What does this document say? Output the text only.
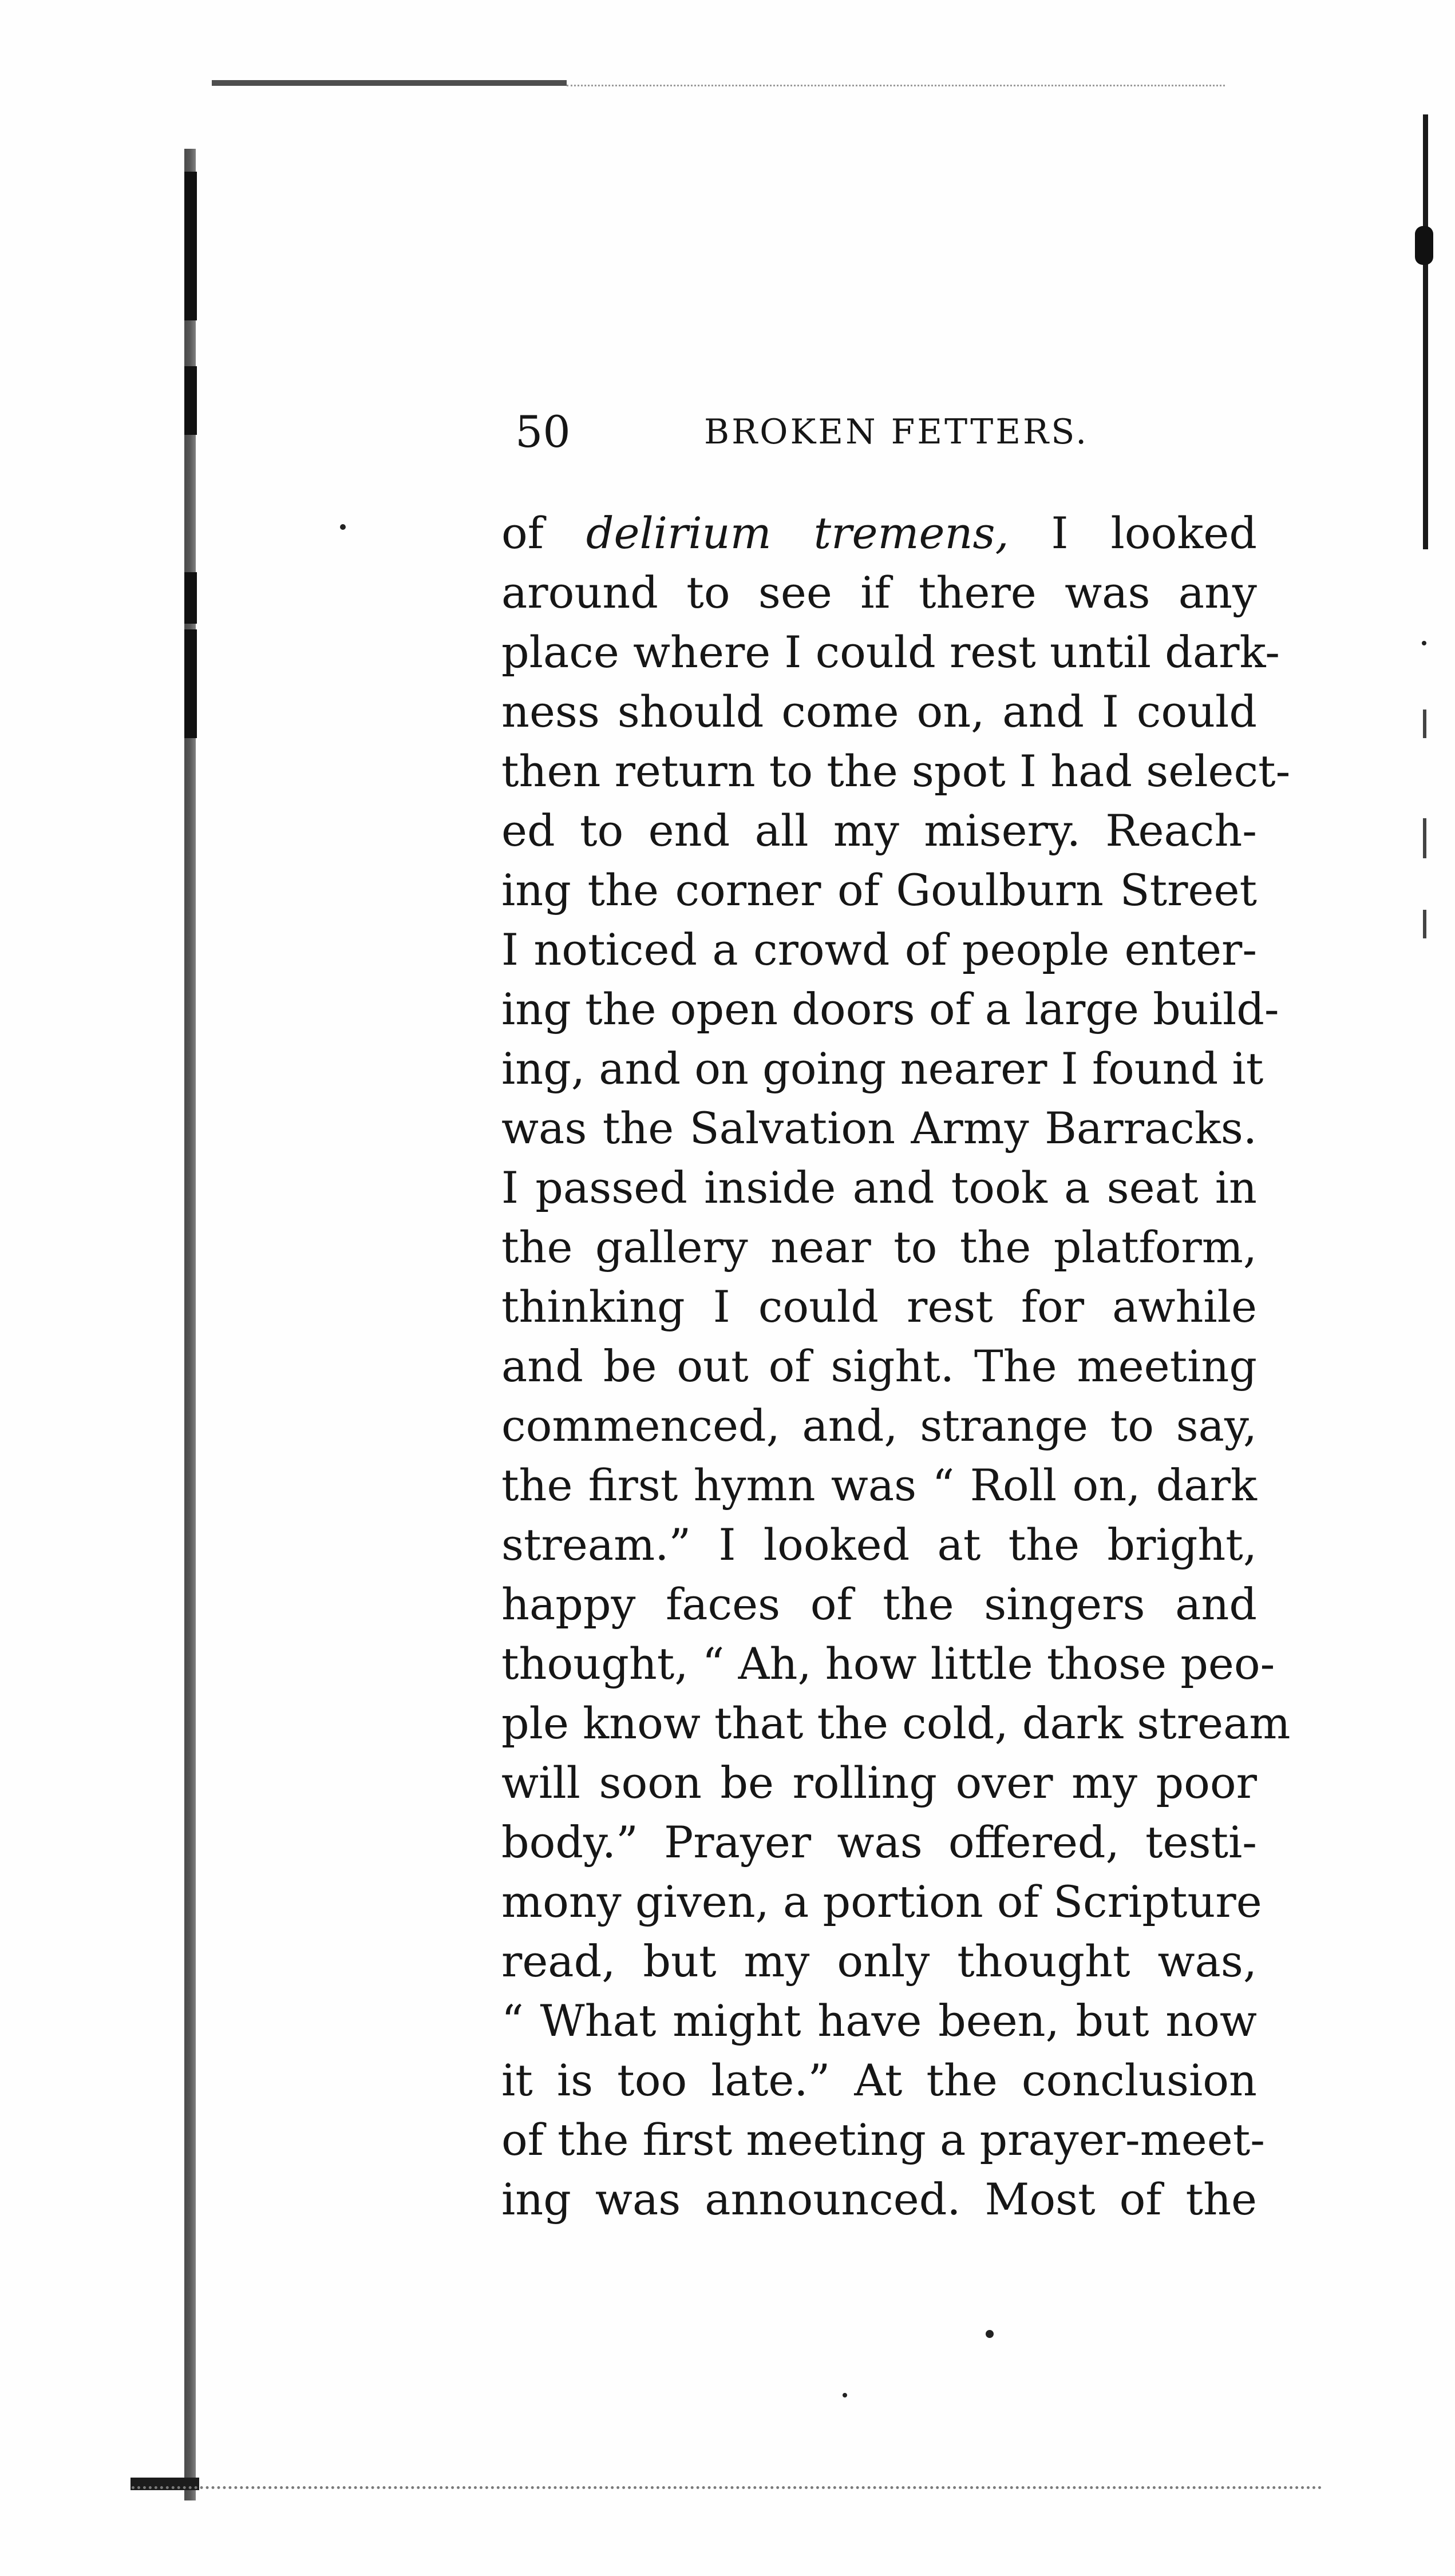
50	BROKEN FETTERS.
of delirium tremens, I looked
around to see if there was any
place where I could rest until dark-
ness should come on, and I could
then return to the spot I had select-
ed to end all my misery. Reach-
ing the corner of Goulburn Street
I noticed a crowd of people enter-
ing the open doors of a large build-
ing, and on going nearer I found it
was the Salvation Army Barracks.
I passed inside and took a seat in
the gallery near to the platform,
thinking I could rest for awhile
and be out of sight. The meeting
commenced, and, strange to say,
the first hymn was “ Roll on, dark
stream.” I looked at the bright,
happy faces of the singers and
thought, “ Ah, how little those peo-
ple know that the cold, dark stream
will soon be rolling over my poor
body.” Prayer was offered, testi-
mony given, a portion of Scripture
read, but my only thought was,
“ What might have been, but now
it is too late.” At the conclusion
of the first meeting a prayer-meet-
ing was announced. Most of the
